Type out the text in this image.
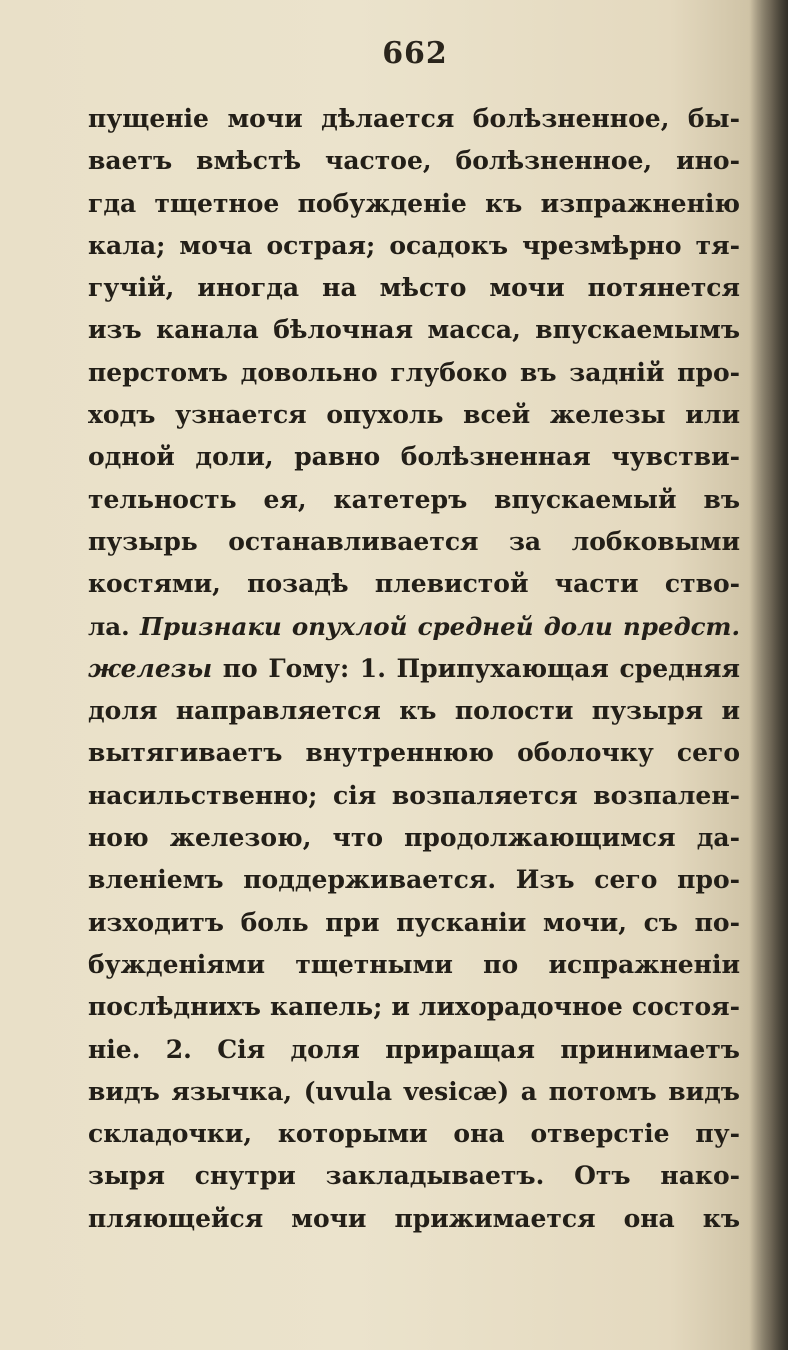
662
пущеніе мочи дѣлается болѣзненное, бы-
ваетъ вмѣстѣ частое, болѣзненное, ино-
гда тщетное побужденіе къ изпражненію
кала; моча острая; осадокъ чрезмѣрно тя-
гучій, иногда на мѣсто мочи потянется
изъ канала бѣлочная масса, впускаемымъ
перстомъ довольно глубоко въ задній про-
ходъ узнается опухоль всей железы или
одной доли, равно болѣзненная чувстви-
тельность ея, катетеръ впускаемый въ
пузырь останавливается за лобковыми
костями, позадѣ плевистой части ство-
ла. Признаки опухлой средней доли предст.
железы по Гому: 1. Припухающая средняя
доля направляется къ полости пузыря и
вытягиваетъ внутреннюю оболочку сего
насильственно; сія возпаляется возпален-
ною железою, что продолжающимся да-
вленіемъ поддерживается. Изъ сего про-
изходитъ боль при пусканіи мочи, съ по-
бужденіями тщетными по испражненіи
послѣднихъ капель; и лихорадочное состоя-
ніе. 2. Сія доля приращая принимаетъ
видъ язычка, (uvula vesicæ) а потомъ видъ
складочки, которыми она отверстіе пу-
зыря снутри закладываетъ. Отъ нако-
пляющейся мочи прижимается она къ
